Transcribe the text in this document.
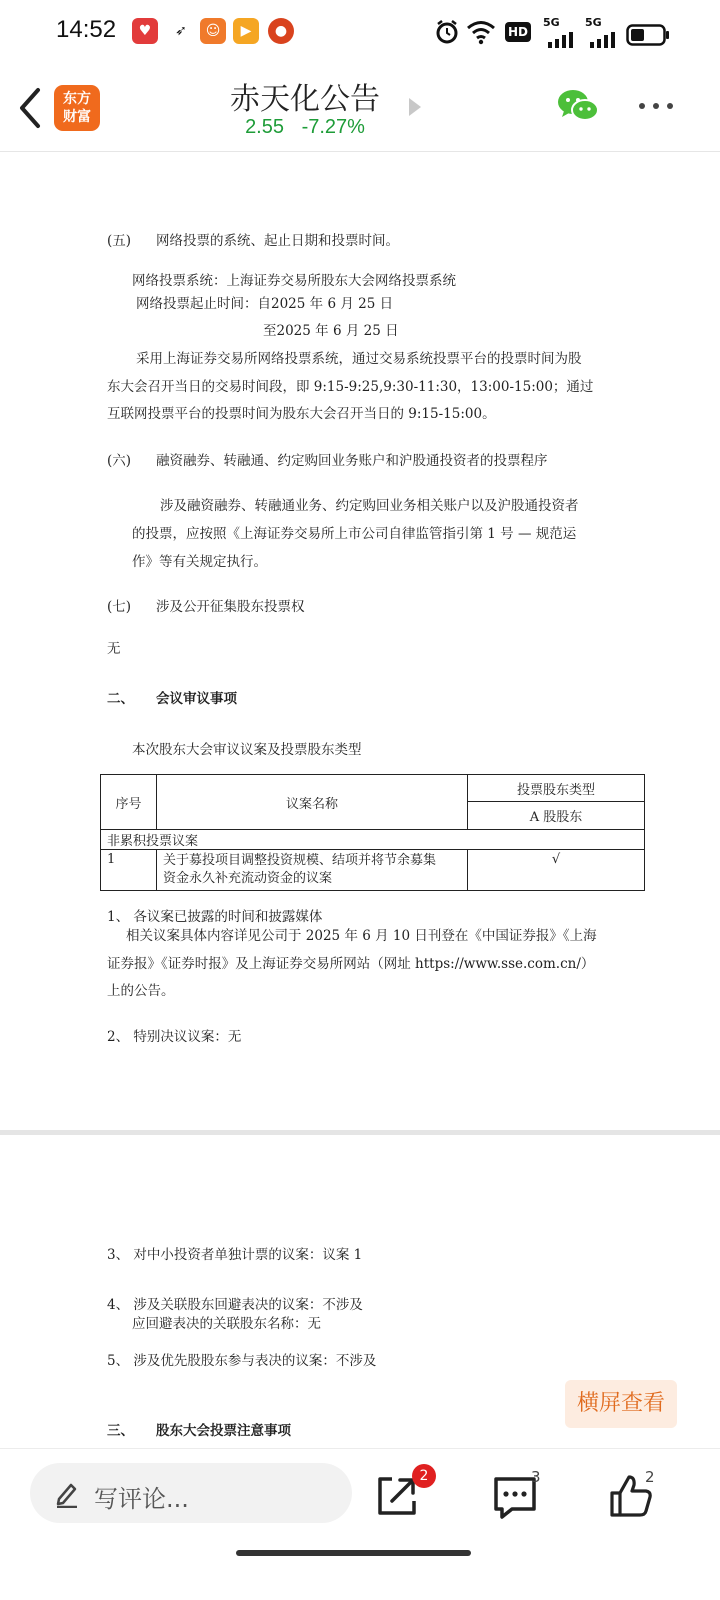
14:52	♥	➶	☺	▶	●	HD
5G 5G
东方
财富	赤天化公告
2.55 -7.27%
(五) 网络投票的系统、起止日期和投票时间。
网络投票系统：上海证券交易所股东大会网络投票系统
网络投票起止时间：自2025 年 6 月 25 日
至2025 年 6 月 25 日
采用上海证券交易所网络投票系统，通过交易系统投票平台的投票时间为股
东大会召开当日的交易时间段，即 9:15-9:25,9:30-11:30，13:00-15:00；通过
互联网投票平台的投票时间为股东大会召开当日的 9:15-15:00。
(六) 融资融券、转融通、约定购回业务账户和沪股通投资者的投票程序
涉及融资融券、转融通业务、约定购回业务相关账户以及沪股通投资者
的投票，应按照《上海证券交易所上市公司自律监管指引第 1 号 — 规范运
作》等有关规定执行。
(七) 涉及公开征集股东投票权
无
二、 会议审议事项
本次股东大会审议议案及投票股东类型
序号	议案名称	投票股东类型
		A 股股东
非累积投票议案		
1	关于募投项目调整投资规模、结项并将节余募集
资金永久补充流动资金的议案	√
1、 各议案已披露的时间和披露媒体
相关议案具体内容详见公司于 2025 年 6 月 10 日刊登在《中国证券报》《上海
证券报》《证券时报》及上海证券交易所网站（网址 https://www.sse.com.cn/）
上的公告。
2、 特别决议议案：无
3、 对中小投资者单独计票的议案：议案 1
4、 涉及关联股东回避表决的议案：不涉及
应回避表决的关联股东名称：无
5、 涉及优先股股东参与表决的议案：不涉及
三、 股东大会投票注意事项
横屏查看
写评论...
2	3	2
